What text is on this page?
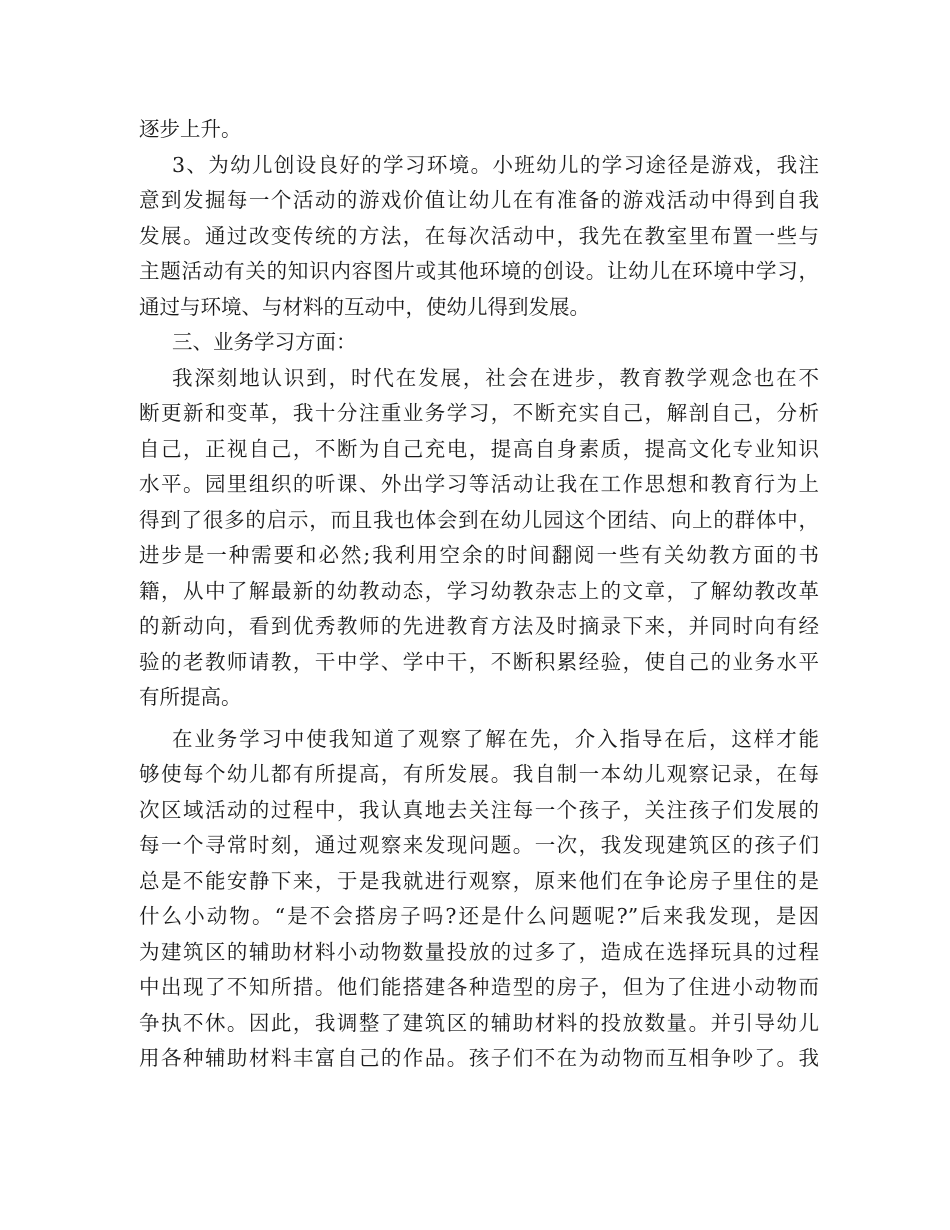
逐步上升。
3、为幼儿创设良好的学习环境。小班幼儿的学习途径是游戏，我注
意到发掘每一个活动的游戏价值让幼儿在有准备的游戏活动中得到自我
发展。通过改变传统的方法，在每次活动中，我先在教室里布置一些与
主题活动有关的知识内容图片或其他环境的创设。让幼儿在环境中学习，
通过与环境、与材料的互动中，使幼儿得到发展。
三、业务学习方面：
我深刻地认识到，时代在发展，社会在进步，教育教学观念也在不
断更新和变革，我十分注重业务学习，不断充实自己，解剖自己，分析
自己，正视自己，不断为自己充电，提高自身素质，提高文化专业知识
水平。园里组织的听课、外出学习等活动让我在工作思想和教育行为上
得到了很多的启示，而且我也体会到在幼儿园这个团结、向上的群体中，
进步是一种需要和必然;我利用空余的时间翻阅一些有关幼教方面的书
籍，从中了解最新的幼教动态，学习幼教杂志上的文章，了解幼教改革
的新动向，看到优秀教师的先进教育方法及时摘录下来，并同时向有经
验的老教师请教，干中学、学中干，不断积累经验，使自己的业务水平
有所提高。
在业务学习中使我知道了观察了解在先，介入指导在后，这样才能
够使每个幼儿都有所提高，有所发展。我自制一本幼儿观察记录，在每
次区域活动的过程中，我认真地去关注每一个孩子，关注孩子们发展的
每一个寻常时刻，通过观察来发现问题。一次，我发现建筑区的孩子们
总是不能安静下来，于是我就进行观察，原来他们在争论房子里住的是
什么小动物。“是不会搭房子吗?还是什么问题呢?”后来我发现，是因
为建筑区的辅助材料小动物数量投放的过多了，造成在选择玩具的过程
中出现了不知所措。他们能搭建各种造型的房子，但为了住进小动物而
争执不休。因此，我调整了建筑区的辅助材料的投放数量。并引导幼儿
用各种辅助材料丰富自己的作品。孩子们不在为动物而互相争吵了。我
